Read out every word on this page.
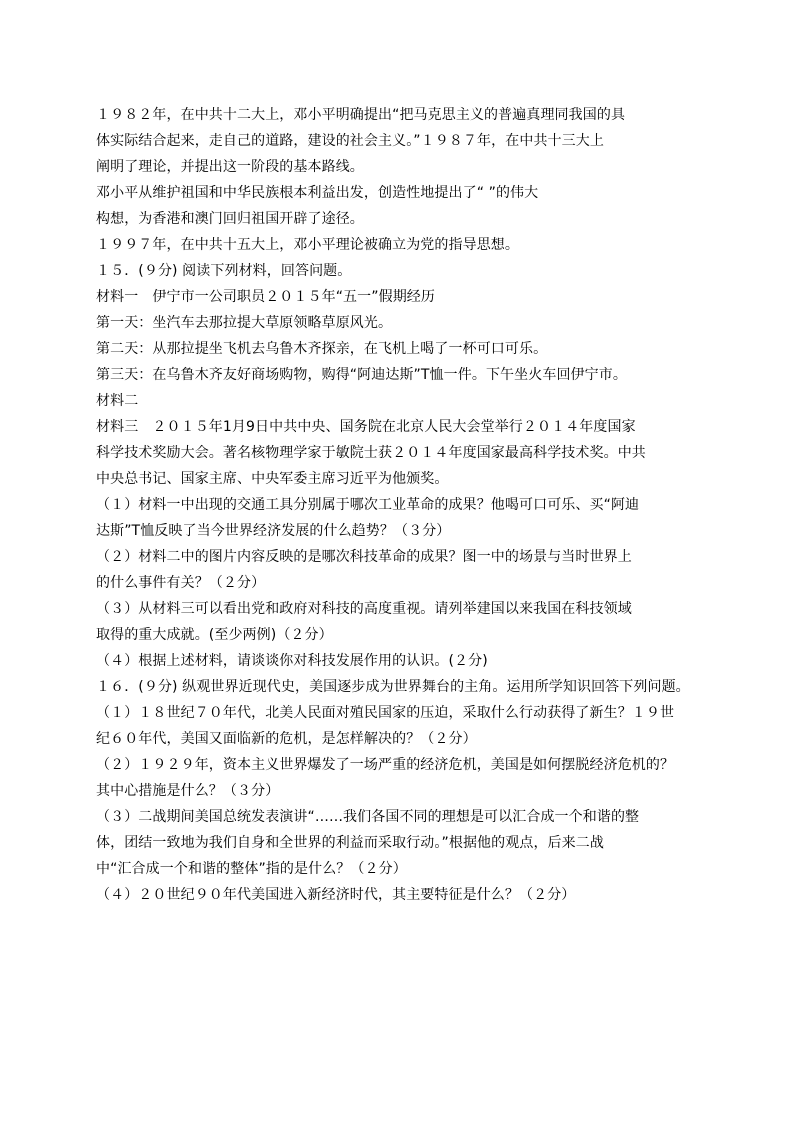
１９８２年，在中共十二大上，邓小平明确提出“把马克思主义的普遍真理同我国的具
体实际结合起来，走自己的道路，建设的社会主义。”１９８７年，在中共十三大上
阐明了理论，并提出这一阶段的基本路线。
邓小平从维护祖国和中华民族根本利益出发，创造性地提出了“ ”的伟大
构想，为香港和澳门回归祖国开辟了途径。
１９９７年，在中共十五大上，邓小平理论被确立为党的指导思想。
１５．(９分) 阅读下列材料，回答问题。
材料一　伊宁市一公司职员２０１５年“五一”假期经历
第一天：坐汽车去那拉提大草原领略草原风光。
第二天：从那拉提坐飞机去乌鲁木齐探亲，在飞机上喝了一杯可口可乐。
第三天：在乌鲁木齐友好商场购物，购得“阿迪达斯”T恤一件。下午坐火车回伊宁市。
材料二
材料三　２０１５年1月9日中共中央、国务院在北京人民大会堂举行２０１４年度国家
科学技术奖励大会。著名核物理学家于敏院士获２０１４年度国家最高科学技术奖。中共
中央总书记、国家主席、中央军委主席习近平为他颁奖。
（１）材料一中出现的交通工具分别属于哪次工业革命的成果？他喝可口可乐、买“阿迪
达斯”T恤反映了当今世界经济发展的什么趋势？（３分）
（２）材料二中的图片内容反映的是哪次科技革命的成果？图一中的场景与当时世界上
的什么事件有关？（２分）
（３）从材料三可以看出党和政府对科技的高度重视。请列举建国以来我国在科技领域
取得的重大成就。(至少两例)（２分）
（４）根据上述材料，请谈谈你对科技发展作用的认识。(２分)
１６．(９分) 纵观世界近现代史，美国逐步成为世界舞台的主角。运用所学知识回答下列问题。
（１）１８世纪７０年代，北美人民面对殖民国家的压迫，采取什么行动获得了新生？１９世
纪６０年代，美国又面临新的危机，是怎样解决的？（２分）
（２）１９２９年，资本主义世界爆发了一场严重的经济危机，美国是如何摆脱经济危机的？
其中心措施是什么？（３分）
（３）二战期间美国总统发表演讲“……我们各国不同的理想是可以汇合成一个和谐的整
体，团结一致地为我们自身和全世界的利益而采取行动。”根据他的观点，后来二战
中“汇合成一个和谐的整体”指的是什么？（２分）
（４）２０世纪９０年代美国进入新经济时代，其主要特征是什么？（２分）
